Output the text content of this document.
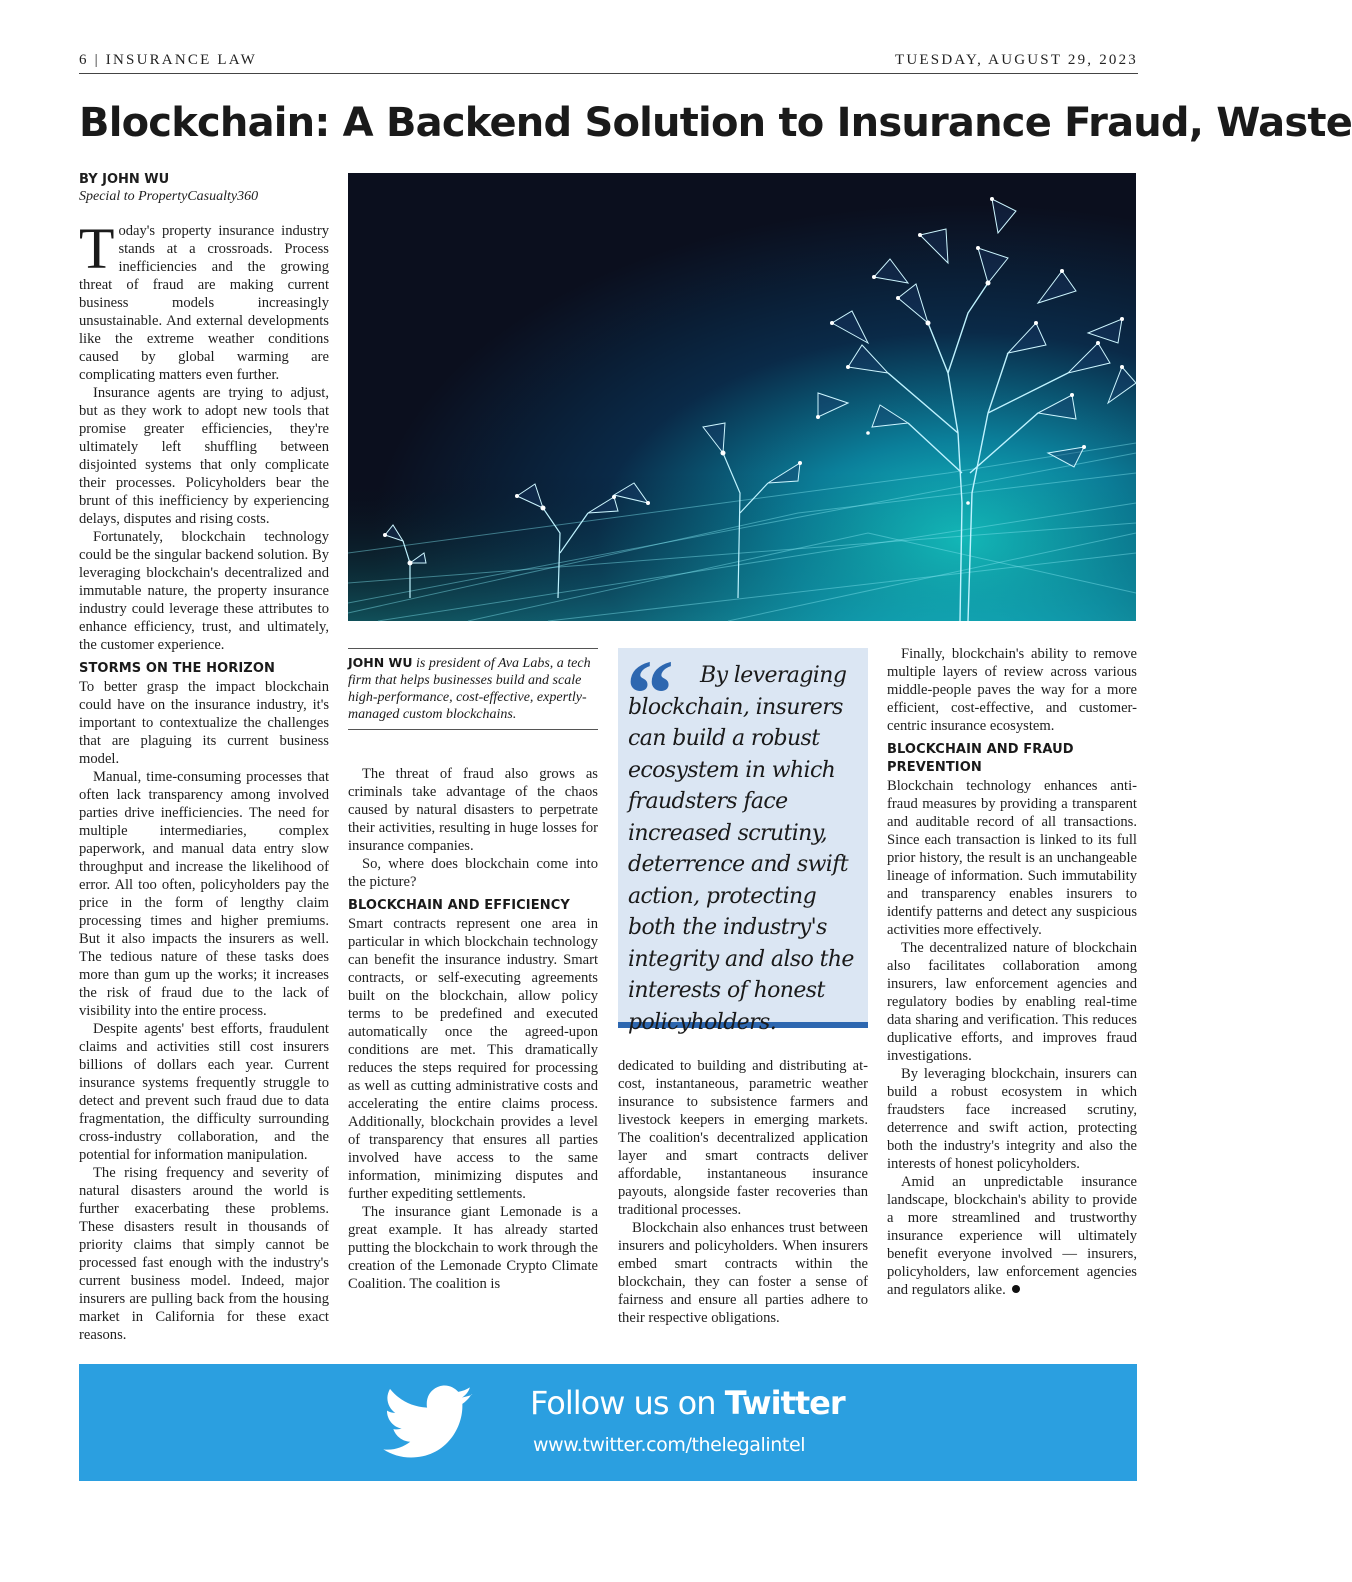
6 | INSURANCE LAW	TUESDAY, AUGUST 29, 2023
Blockchain: A Backend Solution to Insurance Fraud, Waste
BY JOHN WU
Special to PropertyCasualty360

Today's property insurance industry stands at a crossroads. Process inefficiencies and the growing threat of fraud are making current business models increasingly unsustainable. And external developments like the extreme weather conditions caused by global warming are complicating matters even further.

Insurance agents are trying to adjust, but as they work to adopt new tools that promise greater efficiencies, they're ultimately left shuffling between disjointed systems that only complicate their processes. Policyholders bear the brunt of this inefficiency by experiencing delays, disputes and rising costs.

Fortunately, blockchain technology could be the singular backend solution. By leveraging blockchain's decentralized and immutable nature, the property insurance industry could leverage these attributes to enhance efficiency, trust, and ultimately, the customer experience.

STORMS ON THE HORIZON

To better grasp the impact blockchain could have on the insurance industry, it's important to contextualize the challenges that are plaguing its current business model.

Manual, time-consuming processes that often lack transparency among involved parties drive inefficiencies. The need for multiple intermediaries, complex paperwork, and manual data entry slow throughput and increase the likelihood of error. All too often, policyholders pay the price in the form of lengthy claim processing times and higher premiums. But it also impacts the insurers as well. The tedious nature of these tasks does more than gum up the works; it increases the risk of fraud due to the lack of visibility into the entire process.

Despite agents' best efforts, fraudulent claims and activities still cost insurers billions of dollars each year. Current insurance systems frequently struggle to detect and prevent such fraud due to data fragmentation, the difficulty surrounding cross-industry collaboration, and the potential for information manipulation.

The rising frequency and severity of natural disasters around the world is further exacerbating these problems. These disasters result in thousands of priority claims that simply cannot be processed fast enough with the industry's current business model. Indeed, major insurers are pulling back from the housing market in California for these exact reasons.

JOHN WU is president of Ava Labs, a tech firm that helps businesses build and scale high-performance, cost-effective, expertly-managed custom blockchains.

The threat of fraud also grows as criminals take advantage of the chaos caused by natural disasters to perpetrate their activities, resulting in huge losses for insurance companies.

So, where does blockchain come into the picture?

BLOCKCHAIN AND EFFICIENCY

Smart contracts represent one area in particular in which blockchain technology can benefit the insurance industry. Smart contracts, or self-executing agreements built on the blockchain, allow policy terms to be predefined and executed automatically once the agreed-upon conditions are met. This dramatically reduces the steps required for processing as well as cutting administrative costs and accelerating the entire claims process. Additionally, blockchain provides a level of transparency that ensures all parties involved have access to the same information, minimizing disputes and further expediting settlements.

The insurance giant Lemonade is a great example. It has already started putting the blockchain to work through the creation of the Lemonade Crypto Climate Coalition. The coalition is

“	By leveraging blockchain, insurers can build a robust ecosystem in which fraudsters face increased scrutiny, deterrence and swift action, protecting both the industry's integrity and also the interests of honest policyholders.

dedicated to building and distributing at-cost, instantaneous, parametric weather insurance to subsistence farmers and livestock keepers in emerging markets. The coalition's decentralized application layer and smart contracts deliver affordable, instantaneous insurance payouts, alongside faster recoveries than traditional processes.

Blockchain also enhances trust between insurers and policyholders. When insurers embed smart contracts within the blockchain, they can foster a sense of fairness and ensure all parties adhere to their respective obligations.

Finally, blockchain's ability to remove multiple layers of review across various middle-people paves the way for a more efficient, cost-effective, and customer-centric insurance ecosystem.

BLOCKCHAIN AND FRAUD PREVENTION

Blockchain technology enhances anti-fraud measures by providing a transparent and auditable record of all transactions. Since each transaction is linked to its full prior history, the result is an unchangeable lineage of information. Such immutability and transparency enables insurers to identify patterns and detect any suspicious activities more effectively.

The decentralized nature of blockchain also facilitates collaboration among insurers, law enforcement agencies and regulatory bodies by enabling real-time data sharing and verification. This reduces duplicative efforts, and improves fraud investigations.

By leveraging blockchain, insurers can build a robust ecosystem in which fraudsters face increased scrutiny, deterrence and swift action, protecting both the industry's integrity and also the interests of honest policyholders.

Amid an unpredictable insurance landscape, blockchain's ability to provide a more streamlined and trustworthy insurance experience will ultimately benefit everyone involved — insurers, policyholders, law enforcement agencies and regulators alike.

Follow us on Twitter
www.twitter.com/thelegalintel
